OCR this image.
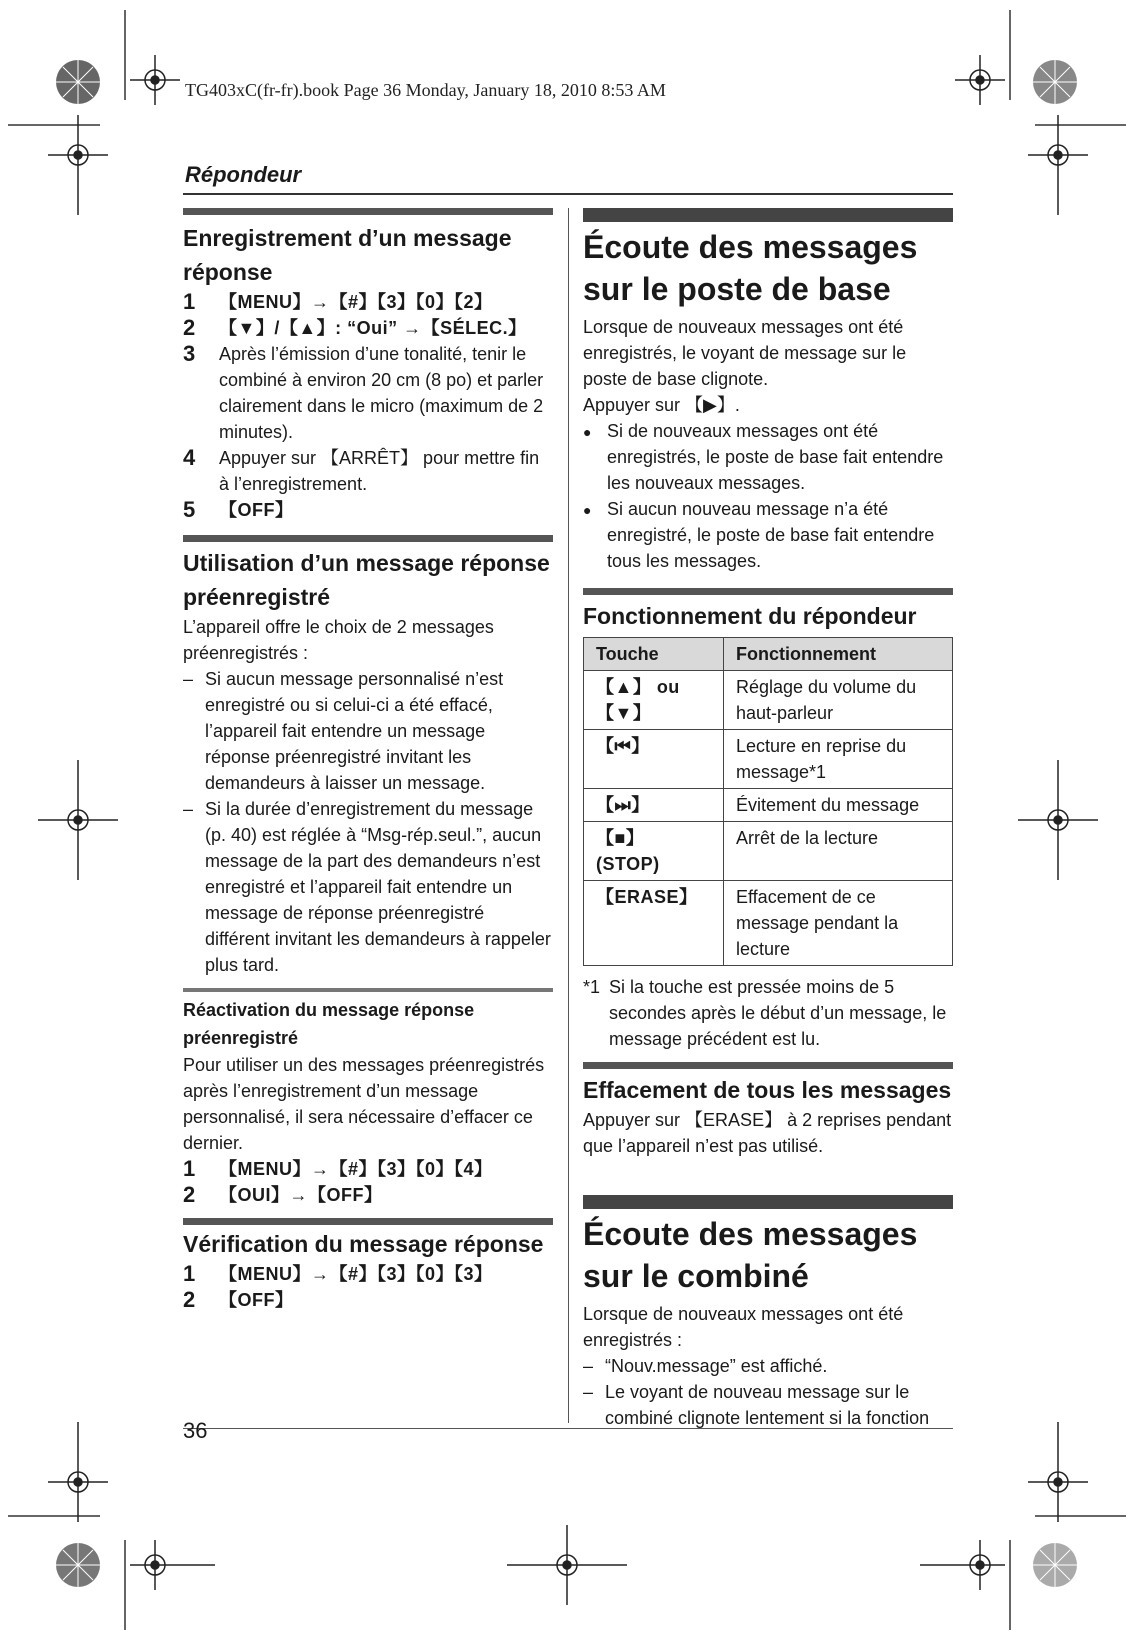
TG403xC(fr-fr).book Page 36 Monday, January 18, 2010 8:53 AM
Répondeur
Enregistrement d’un message réponse
1	【MENU】→【#】【3】【0】【2】
2	【▼】/【▲】: “Oui” →【SÉLEC.】
3	Après l’émission d’une tonalité, tenir le combiné à environ 20 cm (8 po) et parler clairement dans le micro (maximum de 2 minutes).
4	Appuyer sur 【ARRÊT】 pour mettre fin à l’enregistrement.
5	【OFF】
Utilisation d’un message réponse préenregistré

L’appareil offre le choix de 2 messages préenregistrés :

– Si aucun message personnalisé n’est enregistré ou si celui-ci a été effacé, l’appareil fait entendre un message réponse préenregistré invitant les demandeurs à laisser un message.
– Si la durée d’enregistrement du message (p. 40) est réglée à “Msg-rép.seul.”, aucun message de la part des demandeurs n’est enregistré et l’appareil fait entendre un message de réponse préenregistré différent invitant les demandeurs à rappeler plus tard.
Réactivation du message réponse préenregistré

Pour utiliser un des messages préenregistrés après l’enregistrement d’un message personnalisé, il sera nécessaire d’effacer ce dernier.

1	【MENU】→【#】【3】【0】【4】
2	【OUI】→【OFF】
Vérification du message réponse
1	【MENU】→【#】【3】【0】【3】
2	【OFF】
Écoute des messages sur le poste de base

Lorsque de nouveaux messages ont été enregistrés, le voyant de message sur le poste de base clignote.

Appuyer sur 【▶】.

● Si de nouveaux messages ont été enregistrés, le poste de base fait entendre les nouveaux messages.
● Si aucun nouveau message n’a été enregistré, le poste de base fait entendre tous les messages.
Fonctionnement du répondeur
Touche	Fonctionnement
【▲】 ou 【▼】	Réglage du volume du haut-parleur
【⏮】	Lecture en reprise du message*1
【⏭】	Évitement du message
【■】 (STOP)	Arrêt de la lecture
【ERASE】	Effacement de ce message pendant la lecture
*1 Si la touche est pressée moins de 5 secondes après le début d’un message, le message précédent est lu.
Effacement de tous les messages

Appuyer sur 【ERASE】 à 2 reprises pendant que l’appareil n’est pas utilisé.

Écoute des messages sur le combiné

Lorsque de nouveaux messages ont été enregistrés :

– “Nouv.message” est affiché.
– Le voyant de nouveau message sur le combiné clignote lentement si la fonction
36
